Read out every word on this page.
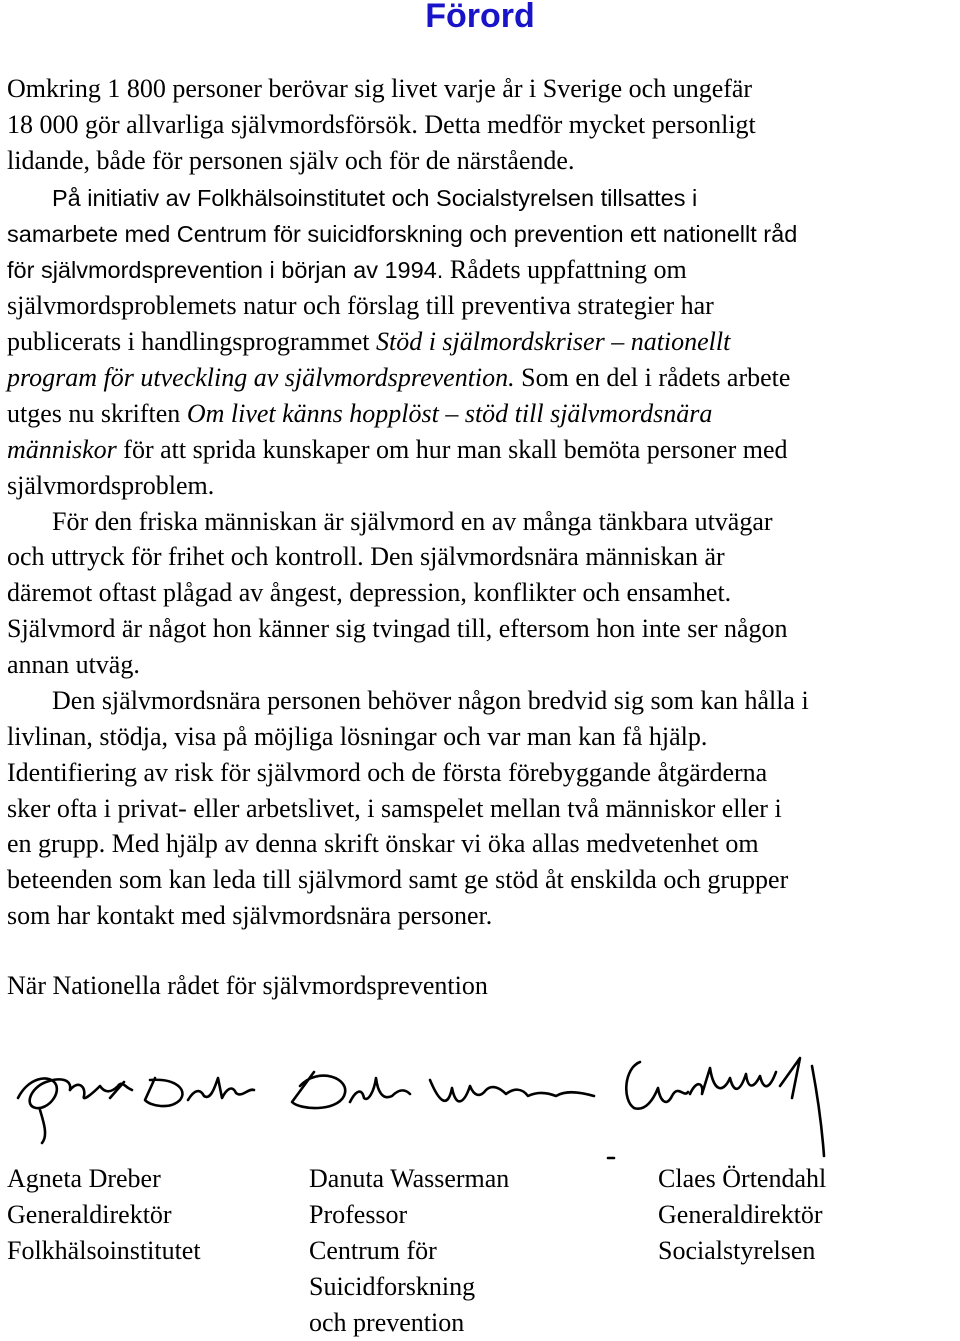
Förord
Omkring 1 800 personer berövar sig livet varje år i Sverige och ungefär
18 000 gör allvarliga självmordsförsök. Detta medför mycket personligt
lidande, både för personen själv och för de närstående.
På initiativ av Folkhälsoinstitutet och Socialstyrelsen tillsattes i
samarbete med Centrum för suicidforskning och prevention ett nationellt råd
för självmordsprevention i början av 1994. Rådets uppfattning om
självmordsproblemets natur och förslag till preventiva strategier har
publicerats i handlingsprogrammet Stöd i själmordskriser – nationellt
program för utveckling av självmordsprevention. Som en del i rådets arbete
utges nu skriften Om livet känns hopplöst – stöd till självmordsnära
människor för att sprida kunskaper om hur man skall bemöta personer med
självmordsproblem.
För den friska människan är självmord en av många tänkbara utvägar
och uttryck för frihet och kontroll. Den självmordsnära människan är
däremot oftast plågad av ångest, depression, konflikter och ensamhet.
Självmord är något hon känner sig tvingad till, eftersom hon inte ser någon
annan utväg.
Den självmordsnära personen behöver någon bredvid sig som kan hålla i
livlinan, stödja, visa på möjliga lösningar och var man kan få hjälp.
Identifiering av risk för självmord och de första förebyggande åtgärderna
sker ofta i privat- eller arbetslivet, i samspelet mellan två människor eller i
en grupp. Med hjälp av denna skrift önskar vi öka allas medvetenhet om
beteenden som kan leda till självmord samt ge stöd åt enskilda och grupper
som har kontakt med självmordsnära personer.
När Nationella rådet för självmordsprevention
Agneta Dreber
Generaldirektör
Folkhälsoinstitutet
Danuta Wasserman
Professor
Centrum för
Suicidforskning
och prevention
Claes Örtendahl
Generaldirektör
Socialstyrelsen
